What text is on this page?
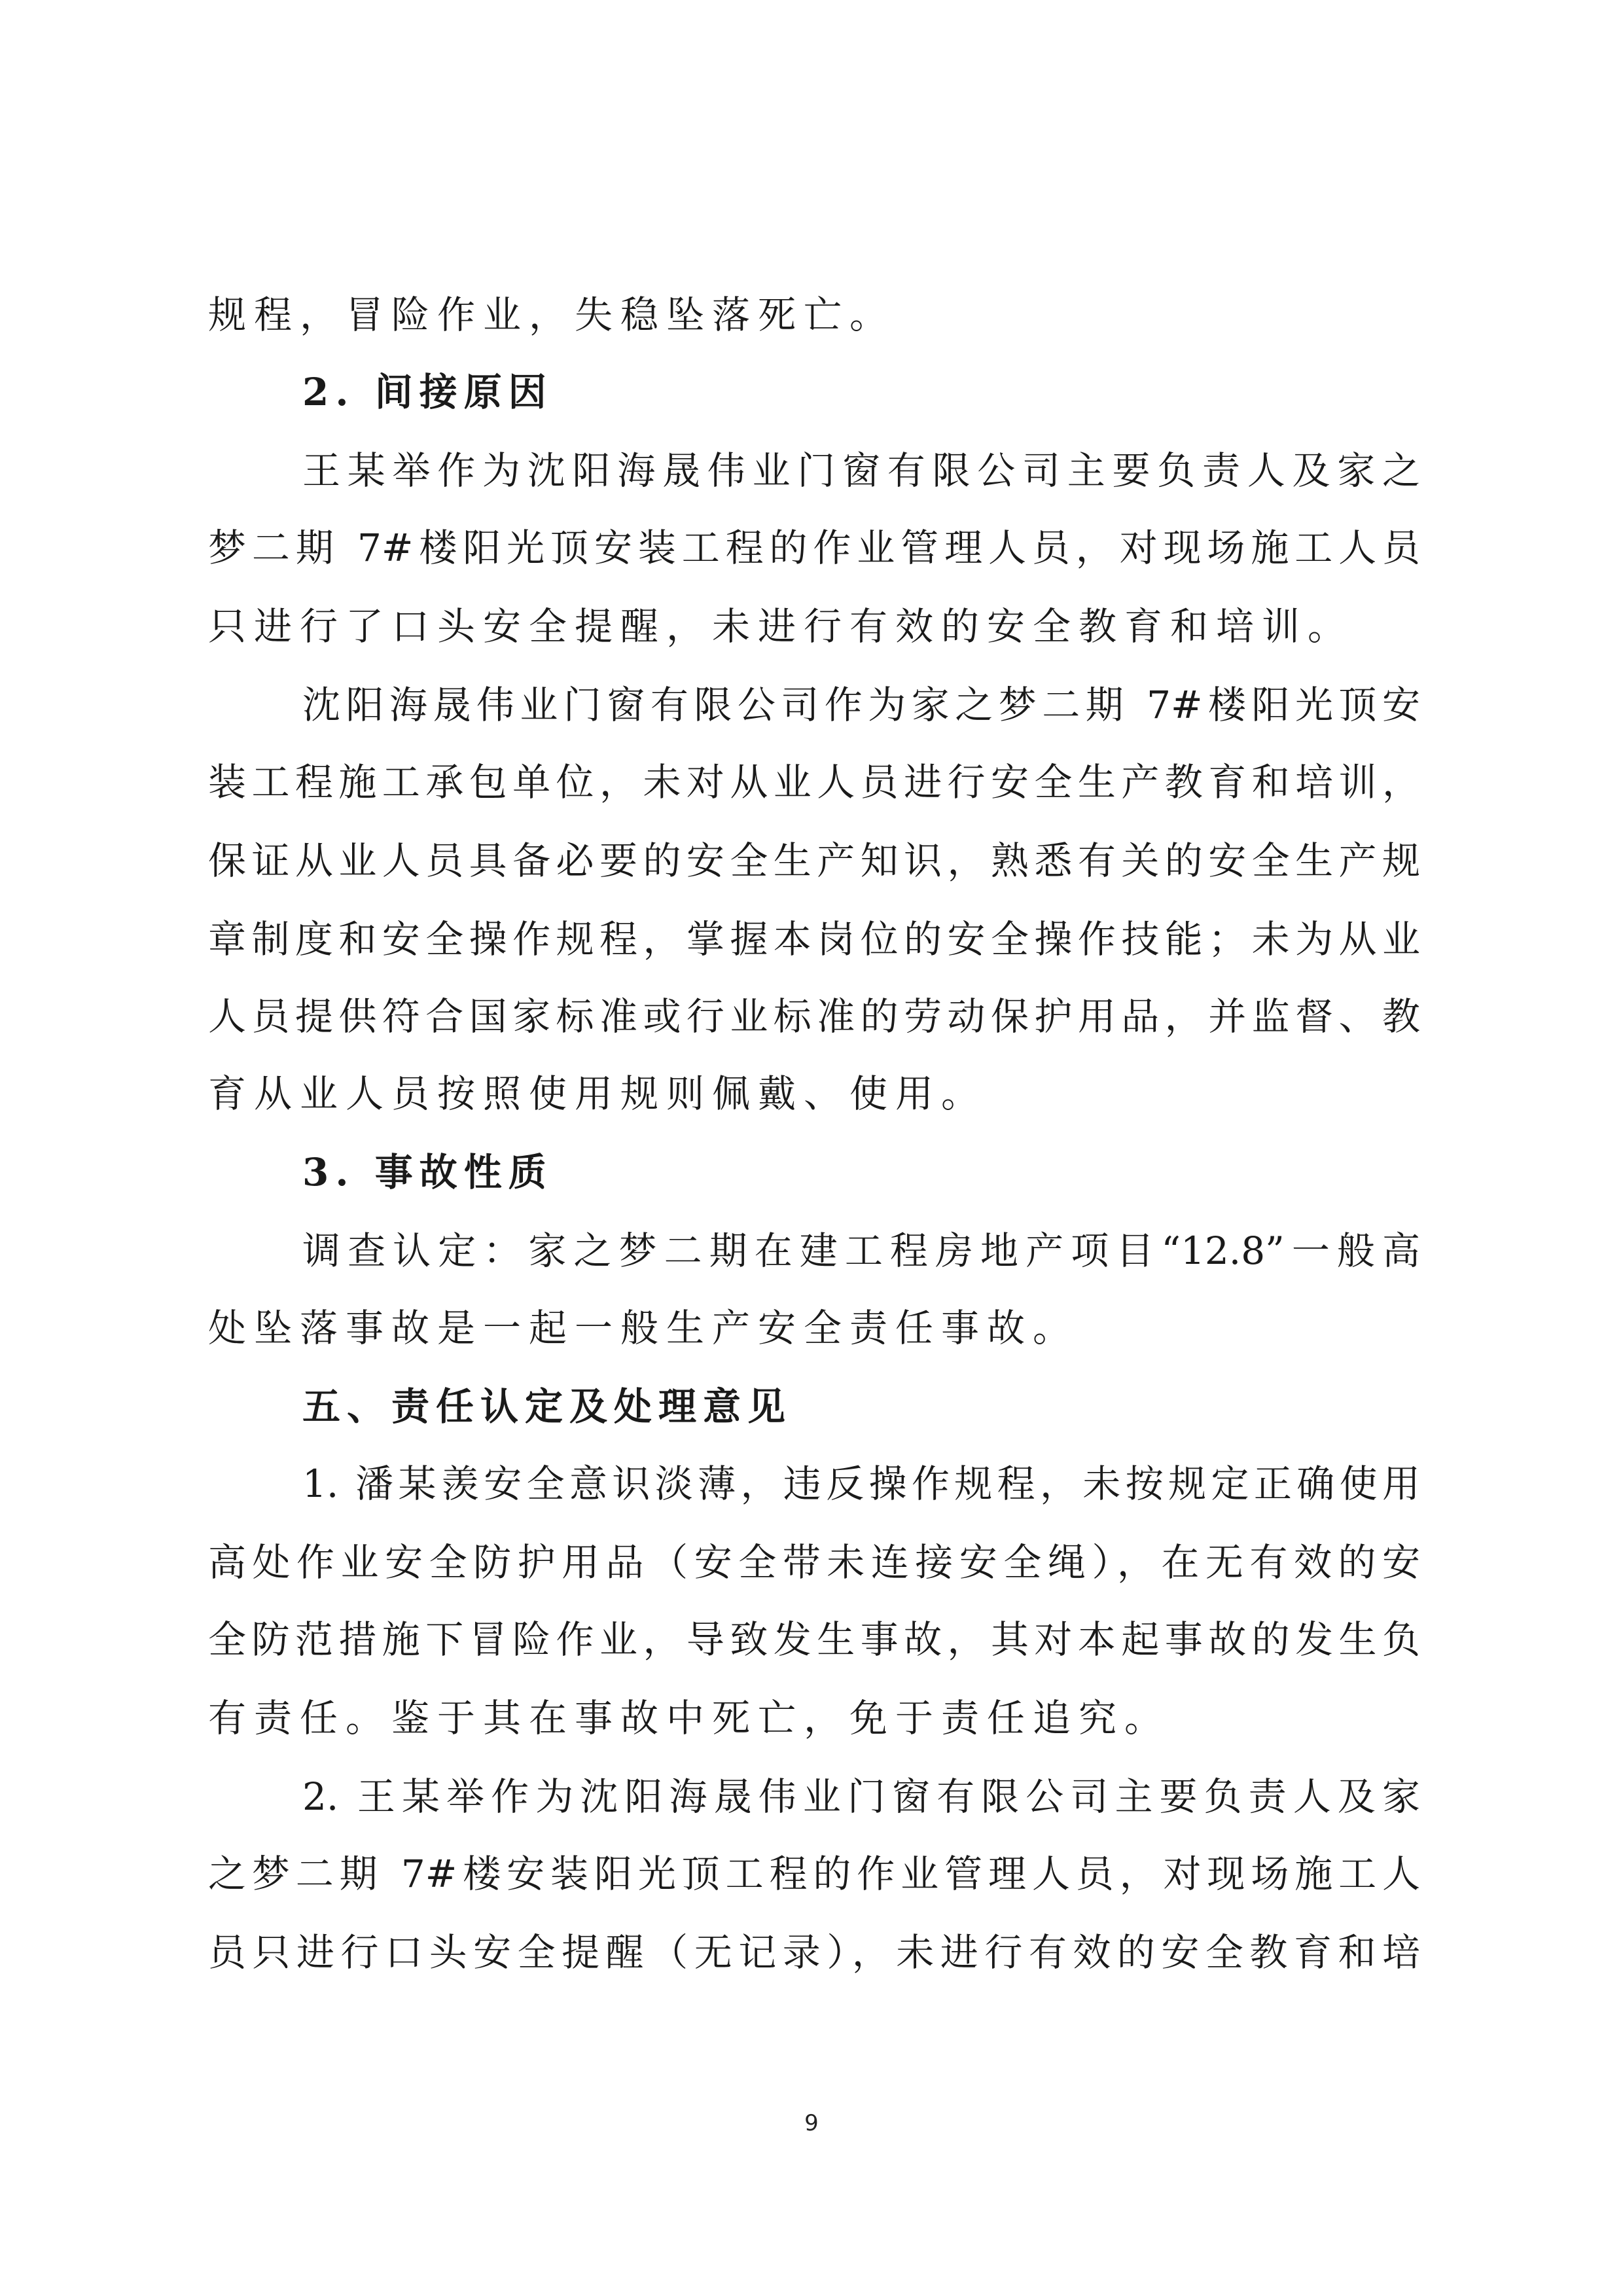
规程，冒险作业，失稳坠落死亡。
2. 间接原因
王某举作为沈阳海晟伟业门窗有限公司主要负责人及家之
梦二期 7#楼阳光顶安装工程的作业管理人员，对现场施工人员
只进行了口头安全提醒，未进行有效的安全教育和培训。
沈阳海晟伟业门窗有限公司作为家之梦二期 7#楼阳光顶安
装工程施工承包单位，未对从业人员进行安全生产教育和培训，
保证从业人员具备必要的安全生产知识，熟悉有关的安全生产规
章制度和安全操作规程，掌握本岗位的安全操作技能；未为从业
人员提供符合国家标准或行业标准的劳动保护用品，并监督、教
育从业人员按照使用规则佩戴、使用。
3. 事故性质
调查认定：家之梦二期在建工程房地产项目“12.8”一般高
处坠落事故是一起一般生产安全责任事故。
五、责任认定及处理意见
1. 潘某羡安全意识淡薄，违反操作规程，未按规定正确使用
高处作业安全防护用品（安全带未连接安全绳），在无有效的安
全防范措施下冒险作业，导致发生事故，其对本起事故的发生负
有责任。鉴于其在事故中死亡，免于责任追究。
2. 王某举作为沈阳海晟伟业门窗有限公司主要负责人及家
之梦二期 7#楼安装阳光顶工程的作业管理人员，对现场施工人
员只进行口头安全提醒（无记录），未进行有效的安全教育和培
9
